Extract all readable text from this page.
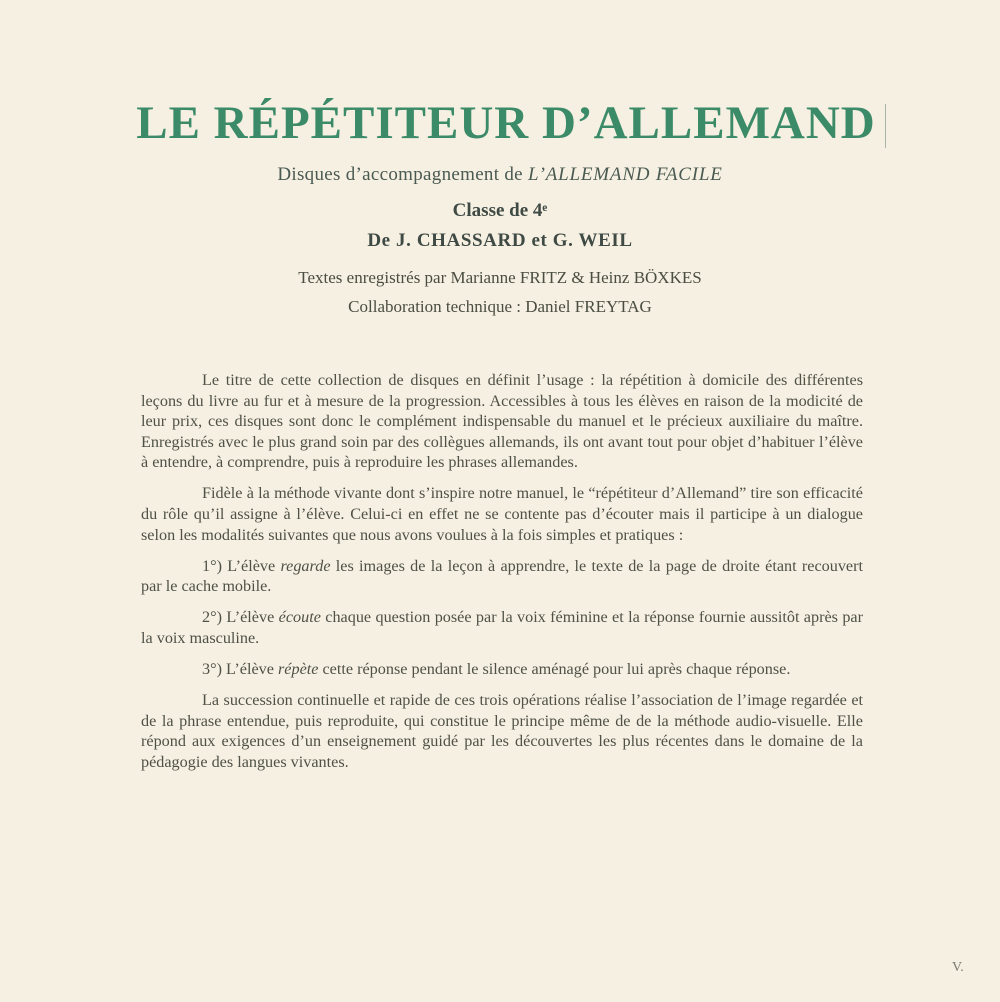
LE RÉPÉTITEUR D’ALLEMAND
Disques d’accompagnement de L’ALLEMAND FACILE
Classe de 4ᵉ
De J. CHASSARD et G. WEIL
Textes enregistrés par Marianne FRITZ & Heinz BÖXKES
Collaboration technique : Daniel FREYTAG

Le titre de cette collection de disques en définit l’usage : la répétition à domicile des différentes leçons du livre au fur et à mesure de la progression. Accessibles à tous les élèves en raison de la modicité de leur prix, ces disques sont donc le complément indispensable du manuel et le précieux auxiliaire du maître. Enregistrés avec le plus grand soin par des collègues allemands, ils ont avant tout pour objet d’habituer l’élève à entendre, à comprendre, puis à reproduire les phrases allemandes.

Fidèle à la méthode vivante dont s’inspire notre manuel, le “répétiteur d’Allemand” tire son efficacité du rôle qu’il assigne à l’élève. Celui-ci en effet ne se contente pas d’écouter mais il participe à un dialogue selon les modalités suivantes que nous avons voulues à la fois simples et pratiques :

1°) L’élève regarde les images de la leçon à apprendre, le texte de la page de droite étant recouvert par le cache mobile.

2°) L’élève écoute chaque question posée par la voix féminine et la réponse fournie aussitôt après par la voix masculine.

3°) L’élève répète cette réponse pendant le silence aménagé pour lui après chaque réponse.

La succession continuelle et rapide de ces trois opérations réalise l’association de l’image regardée et de la phrase entendue, puis reproduite, qui constitue le principe même de de la méthode audio-visuelle. Elle répond aux exigences d’un enseignement guidé par les découvertes les plus récentes dans le domaine de la pédagogie des langues vivantes.

V.
